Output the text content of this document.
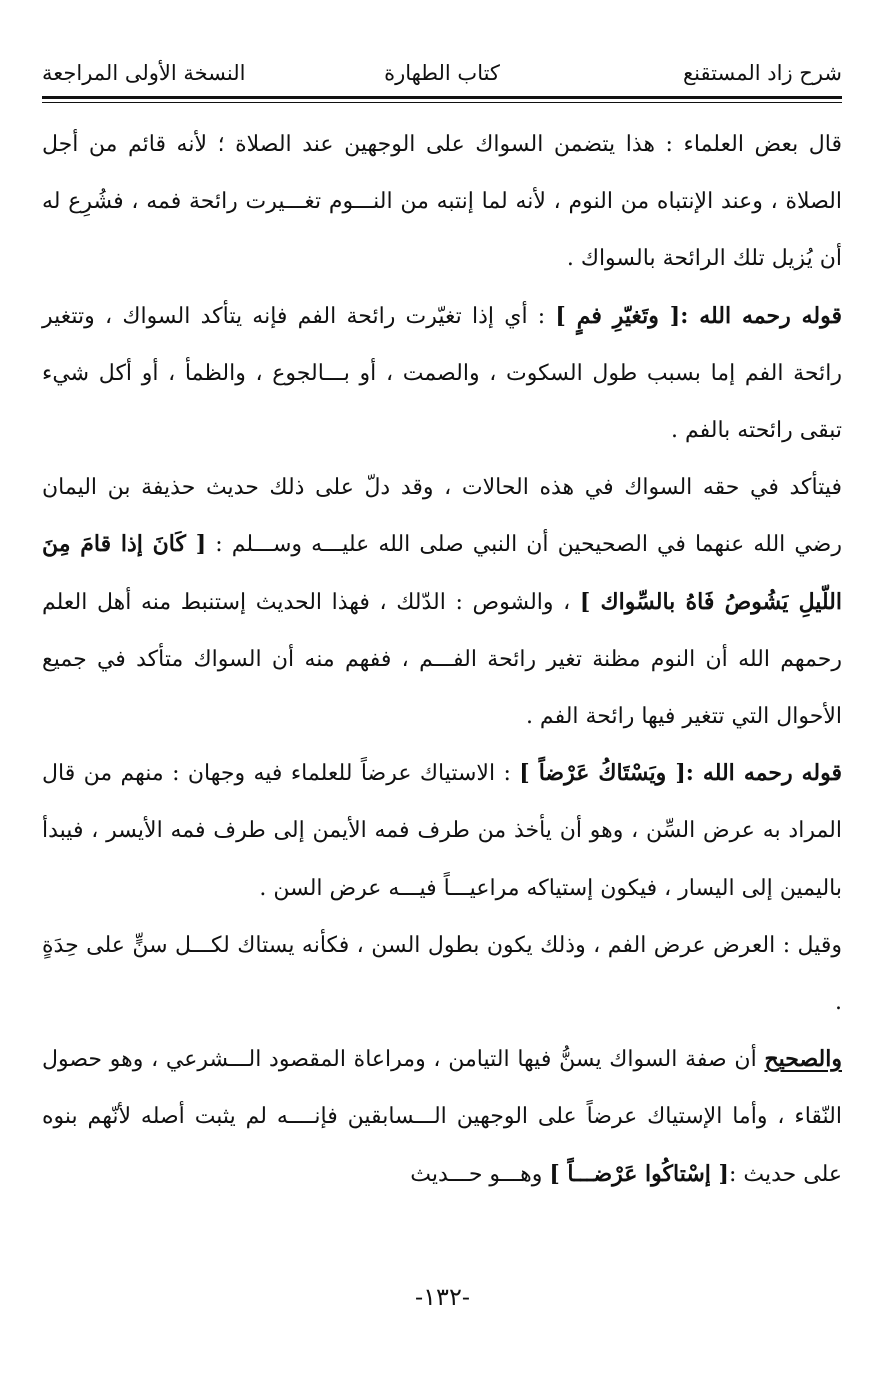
شرح زاد المستقنع
كتاب الطهارة
النسخة الأولى المراجعة

قال بعض العلماء : هذا يتضمن السواك على الوجهين عند الصلاة ؛ لأنه قائم من أجل الصلاة ، وعند الإنتباه من النوم ، لأنه لما إنتبه من النـــوم تغـــيرت رائحة فمه ، فشُرِع له أن يُزيل تلك الرائحة بالسواك .

قوله رحمه الله :[ وتَغيّرِ فمٍ ] : أي إذا تغيّرت رائحة الفم فإنه يتأكد السواك ، وتتغير رائحة الفم إما بسبب طول السكوت ، والصمت ، أو بـــالجوع ، والظمأ ، أو أكل شيء تبقى رائحته بالفم .

فيتأكد في حقه السواك في هذه الحالات ، وقد دلّ على ذلك حديث حذيفة بن اليمان رضي الله عنهما في الصحيحين أن النبي صلى الله عليـــه وســـلم : [ كَانَ إذا قامَ مِنَ اللّيلِ يَشُوصُ فَاهُ بالسِّواك ] ، والشوص : الدّلك ، فهذا الحديث إستنبط منه أهل العلم رحمهم الله أن النوم مظنة تغير رائحة الفـــم ، ففهم منه أن السواك متأكد في جميع الأحوال التي تتغير فيها رائحة الفم .

قوله رحمه الله :[ ويَسْتَاكُ عَرْضاً ] : الاستياك عرضاً للعلماء فيه وجهان : منهم من قال المراد به عرض السِّن ، وهو أن يأخذ من طرف فمه الأيمن إلى طرف فمه الأيسر ، فيبدأ باليمين إلى اليسار ، فيكون إستياكه مراعيـــاً فيـــه عرض السن .

وقيل : العرض عرض الفم ، وذلك يكون بطول السن ، فكأنه يستاك لكـــل سنٍّ على حِدَةٍ .

والصحيح أن صفة السواك يسنُّ فيها التيامن ، ومراعاة المقصود الـــشرعي ، وهو حصول النّقاء ، وأما الإستياك عرضاً على الوجهين الـــسابقين فإنــــه لم يثبت أصله لأنّهم بنوه على حديث :[ إسْتاكُوا عَرْضـــاً ] وهـــو حـــديث

-١٣٢-
